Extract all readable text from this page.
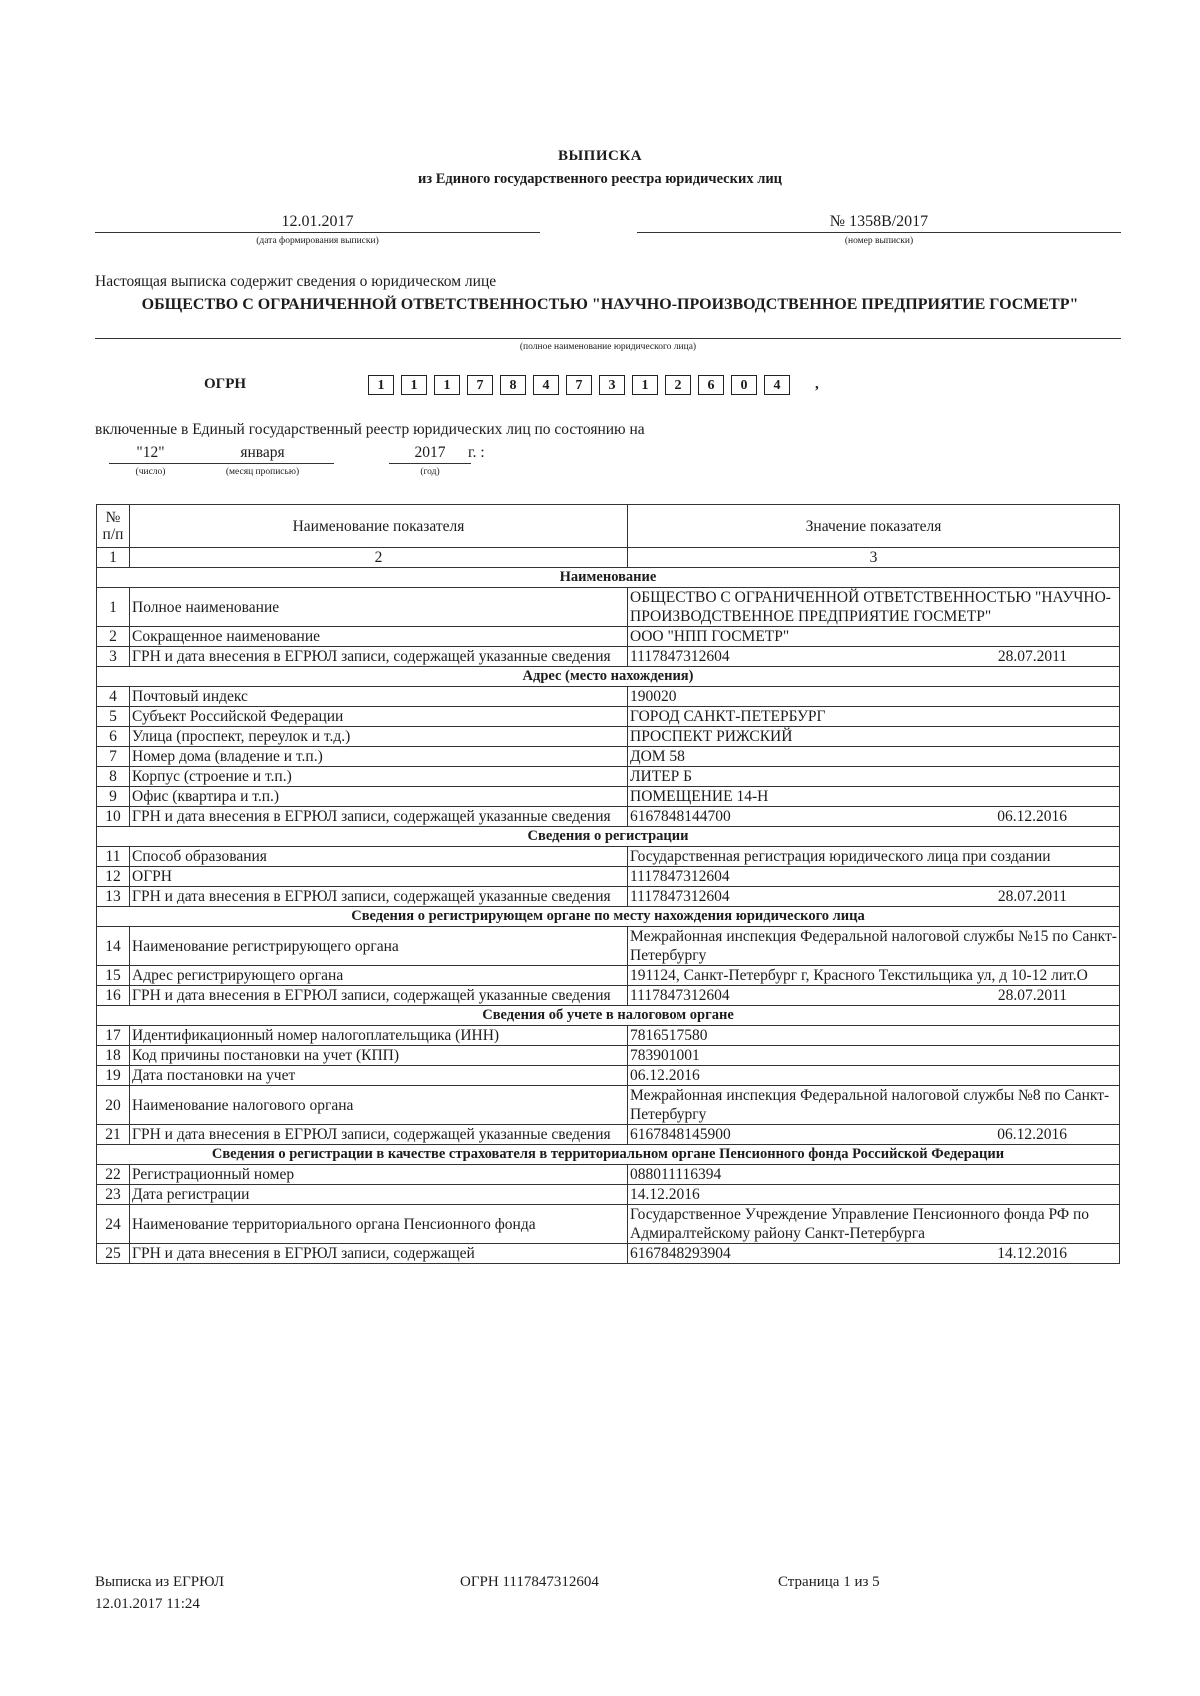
ВЫПИСКА
из Единого государственного реестра юридических лиц
12.01.2017
(дата формирования выписки)
№ 1358В/2017
(номер выписки)
Настоящая выписка содержит сведения о юридическом лице
ОБЩЕСТВО С ОГРАНИЧЕННОЙ ОТВЕТСТВЕННОСТЬЮ "НАУЧНО-ПРОИЗВОДСТВЕННОЕ ПРЕДПРИЯТИЕ ГОСМЕТР"
(полное наименование юридического лица)
ОГРН	1	1	1	7	8	4	7	3	1	2	6	0	4	,
включенные в Единый государственный реестр юридических лиц по состоянию на
"12"	января	2017	г. :
(число)	(месяц прописью)	(год)
№ п/п	Наименование показателя	Значение показателя
1	2	3
Наименование		
1	Полное наименование	ОБЩЕСТВО С ОГРАНИЧЕННОЙ ОТВЕТСТВЕННОСТЬЮ "НАУЧНО-ПРОИЗВОДСТВЕННОЕ ПРЕДПРИЯТИЕ ГОСМЕТР"
2	Сокращенное наименование	ООО "НПП ГОСМЕТР"
3	ГРН и дата внесения в ЕГРЮЛ записи, содержащей указанные сведения	1117847312604 28.07.2011

Адрес (место нахождения)		
4	Почтовый индекс	190020
5	Субъект Российской Федерации	ГОРОД САНКТ-ПЕТЕРБУРГ
6	Улица (проспект, переулок и т.д.)	ПРОСПЕКТ РИЖСКИЙ
7	Номер дома (владение и т.п.)	ДОМ 58
8	Корпус (строение и т.п.)	ЛИТЕР Б
9	Офис (квартира и т.п.)	ПОМЕЩЕНИЕ 14-Н
10	ГРН и дата внесения в ЕГРЮЛ записи, содержащей указанные сведения	6167848144700 06.12.2016

Сведения о регистрации		
11	Способ образования	Государственная регистрация юридического лица при создании
12	ОГРН	1117847312604
13	ГРН и дата внесения в ЕГРЮЛ записи, содержащей указанные сведения	1117847312604 28.07.2011

Сведения о регистрирующем органе по месту нахождения юридического лица		
14	Наименование регистрирующего органа	Межрайонная инспекция Федеральной налоговой службы №15 по Санкт-Петербургу
15	Адрес регистрирующего органа	191124, Санкт-Петербург г, Красного Текстильщика ул, д 10-12 лит.О
16	ГРН и дата внесения в ЕГРЮЛ записи, содержащей указанные сведения	1117847312604 28.07.2011

Сведения об учете в налоговом органе		
17	Идентификационный номер налогоплательщика (ИНН)	7816517580
18	Код причины постановки на учет (КПП)	783901001
19	Дата постановки на учет	06.12.2016
20	Наименование налогового органа	Межрайонная инспекция Федеральной налоговой службы №8 по Санкт-Петербургу
21	ГРН и дата внесения в ЕГРЮЛ записи, содержащей указанные сведения	6167848145900 06.12.2016

Сведения о регистрации в качестве страхователя в территориальном органе Пенсионного фонда Российской Федерации		
22	Регистрационный номер	088011116394
23	Дата регистрации	14.12.2016
24	Наименование территориального органа Пенсионного фонда	Государственное Учреждение Управление Пенсионного фонда РФ по Адмиралтейскому району Санкт-Петербурга
25	ГРН и дата внесения в ЕГРЮЛ записи, содержащей	6167848293904 14.12.2016
Выписка из ЕГРЮЛ
12.01.2017 11:24
ОГРН 1117847312604	Страница 1 из 5
